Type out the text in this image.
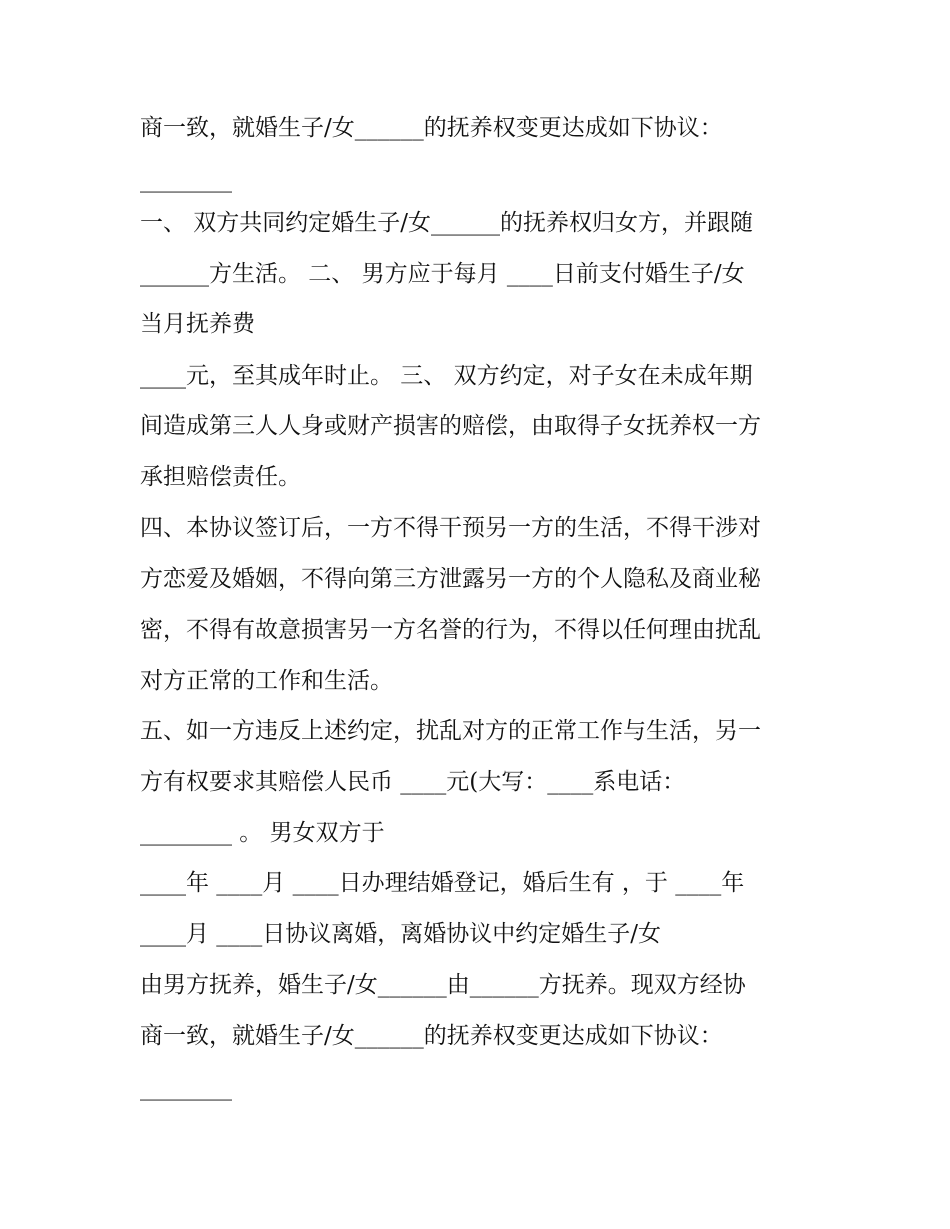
商一致，就婚生子/女______的抚养权变更达成如下协议：

________

一、 双方共同约定婚生子/女______的抚养权归女方，并跟随

______方生活。 二、 男方应于每月 ____日前支付婚生子/女

当月抚养费

____元，至其成年时止。 三、 双方约定，对子女在未成年期

间造成第三人人身或财产损害的赔偿，由取得子女抚养权一方

承担赔偿责任。

四、本协议签订后，一方不得干预另一方的生活，不得干涉对

方恋爱及婚姻，不得向第三方泄露另一方的个人隐私及商业秘

密，不得有故意损害另一方名誉的行为，不得以任何理由扰乱

对方正常的工作和生活。

五、如一方违反上述约定，扰乱对方的正常工作与生活，另一

方有权要求其赔偿人民币 ____元(大写：____系电话：

________ 。 男女双方于

____年 ____月 ____日办理结婚登记，婚后生有 ，于 ____年

____月 ____日协议离婚，离婚协议中约定婚生子/女

由男方抚养，婚生子/女______由______方抚养。现双方经协

商一致，就婚生子/女______的抚养权变更达成如下协议：

________
